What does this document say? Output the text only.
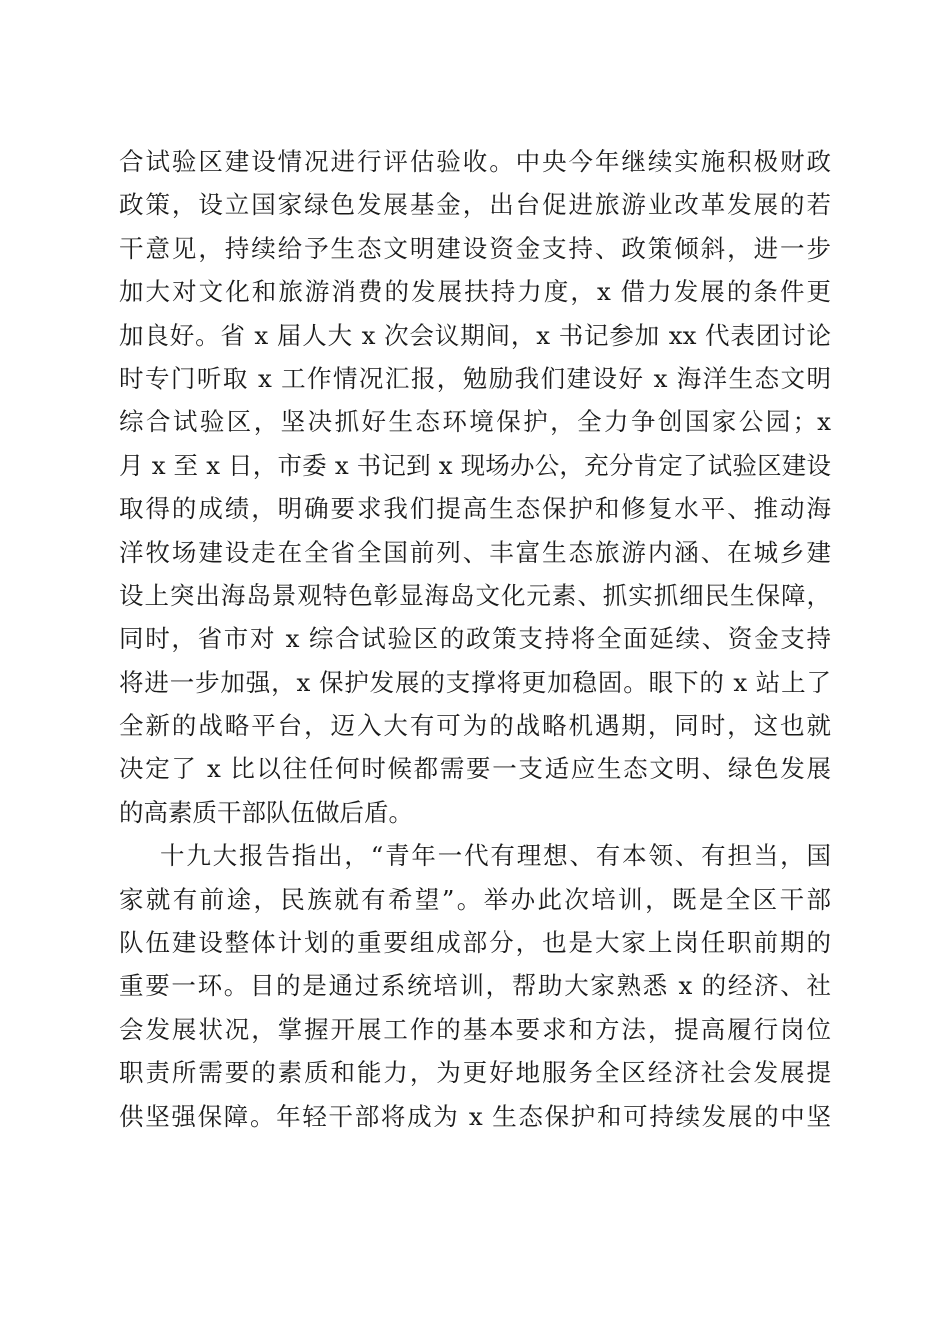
合试验区建设情况进行评估验收。中央今年继续实施积极财政
政策，设立国家绿色发展基金，出台促进旅游业改革发展的若
干意见，持续给予生态文明建设资金支持、政策倾斜，进一步
加大对文化和旅游消费的发展扶持力度，x 借力发展的条件更
加良好。省 x 届人大 x 次会议期间，x 书记参加 xx 代表团讨论
时专门听取 x 工作情况汇报，勉励我们建设好 x 海洋生态文明
综合试验区，坚决抓好生态环境保护，全力争创国家公园；x
月 x 至 x 日，市委 x 书记到 x 现场办公，充分肯定了试验区建设
取得的成绩，明确要求我们提高生态保护和修复水平、推动海
洋牧场建设走在全省全国前列、丰富生态旅游内涵、在城乡建
设上突出海岛景观特色彰显海岛文化元素、抓实抓细民生保障，
同时，省市对 x 综合试验区的政策支持将全面延续、资金支持
将进一步加强，x 保护发展的支撑将更加稳固。眼下的 x 站上了
全新的战略平台，迈入大有可为的战略机遇期，同时，这也就
决定了 x 比以往任何时候都需要一支适应生态文明、绿色发展
的高素质干部队伍做后盾。
十九大报告指出，“青年一代有理想、有本领、有担当，国
家就有前途，民族就有希望”。举办此次培训，既是全区干部
队伍建设整体计划的重要组成部分，也是大家上岗任职前期的
重要一环。目的是通过系统培训，帮助大家熟悉 x 的经济、社
会发展状况，掌握开展工作的基本要求和方法，提高履行岗位
职责所需要的素质和能力，为更好地服务全区经济社会发展提
供坚强保障。年轻干部将成为 x 生态保护和可持续发展的中坚
